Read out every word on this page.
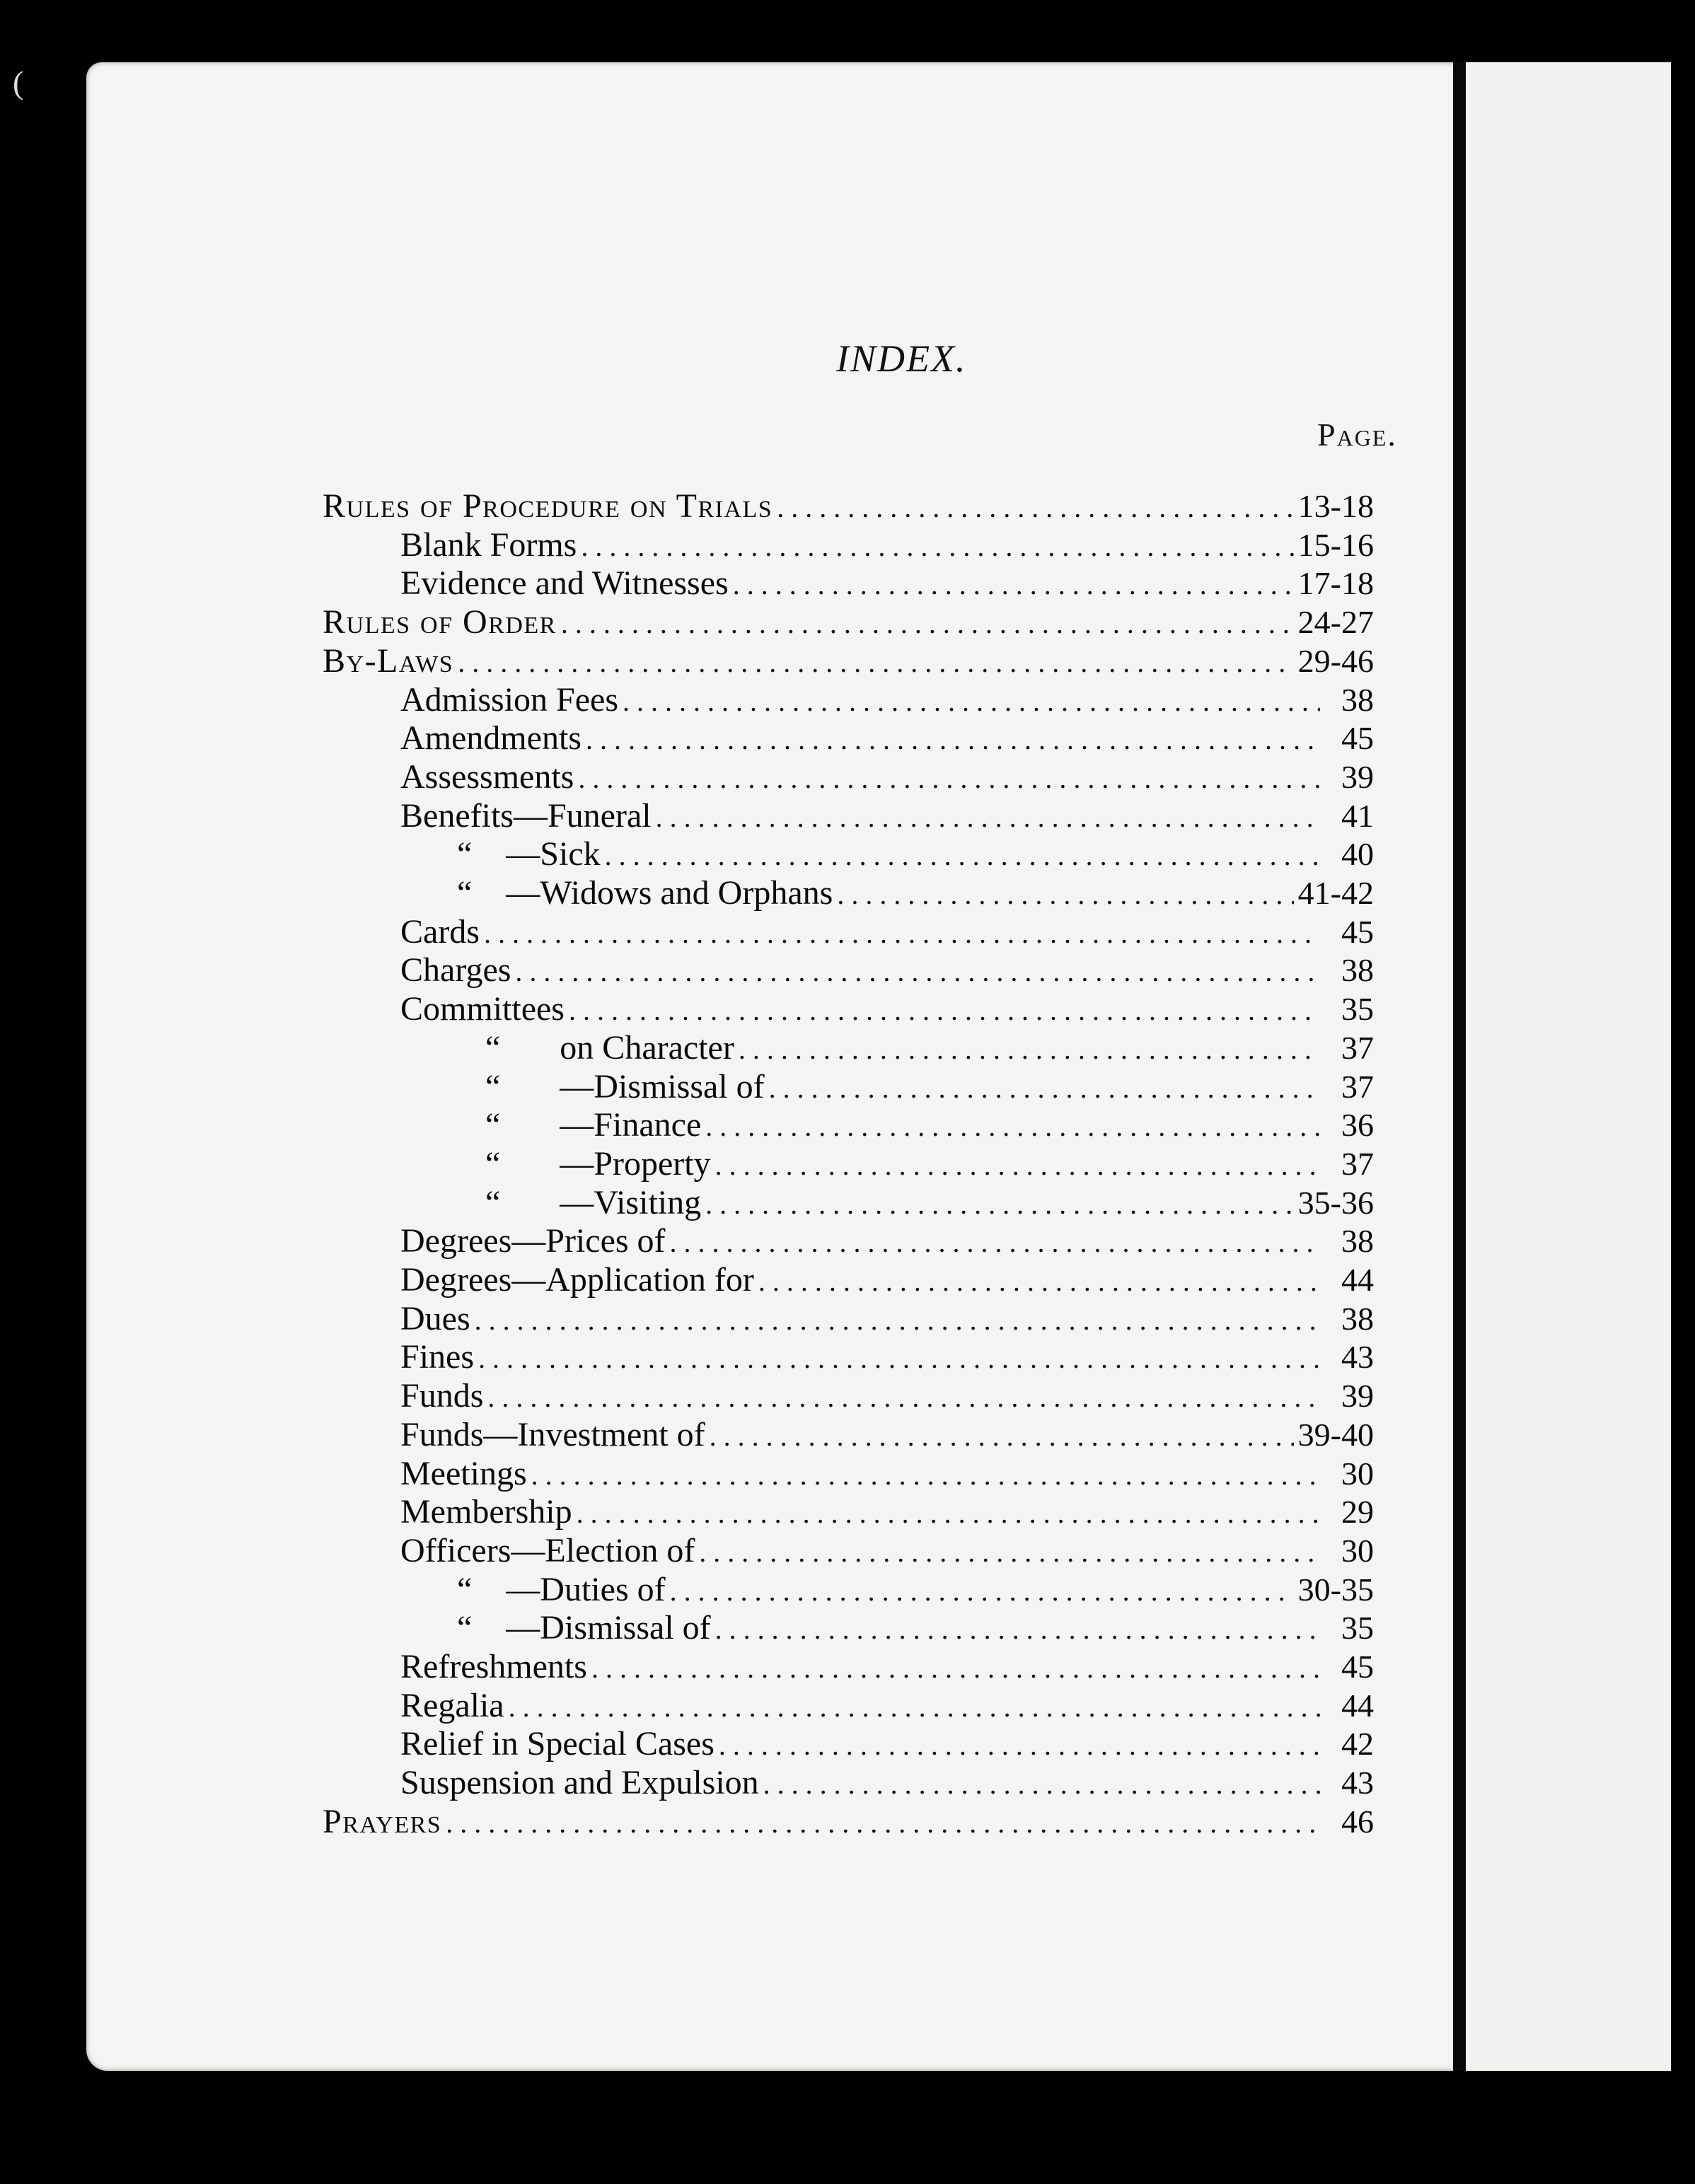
(
INDEX.
Page.
Rules of Procedure on Trials . . .	13-18
Blank Forms . . .	15-16
Evidence and Witnesses . . .	17-18
Rules of Order . . .	24-27
By-Laws . . .	29-46
Admission Fees . . .	38
Amendments . . .	45
Assessments . . .	39
Benefits—Funeral . . .	41
“    —Sick . . .	40
“    —Widows and Orphans . . .	41-42
Cards . . .	45
Charges . . .	38
Committees . . .	35
“       on Character . . .	37
“       —Dismissal of . . .	37
“       —Finance . . .	36
“       —Property . . .	37
“       —Visiting . . .	35-36
Degrees—Prices of . . .	38
Degrees—Application for . . .	44
Dues . . .	38
Fines . . .	43
Funds . . .	39
Funds—Investment of . . .	39-40
Meetings . . .	30
Membership . . .	29
Officers—Election of . . .	30
“    —Duties of . . .	30-35
“    —Dismissal of . . .	35
Refreshments . . .	45
Regalia . . .	44
Relief in Special Cases . . .	42
Suspension and Expulsion . . .	43
Prayers . . .	46
